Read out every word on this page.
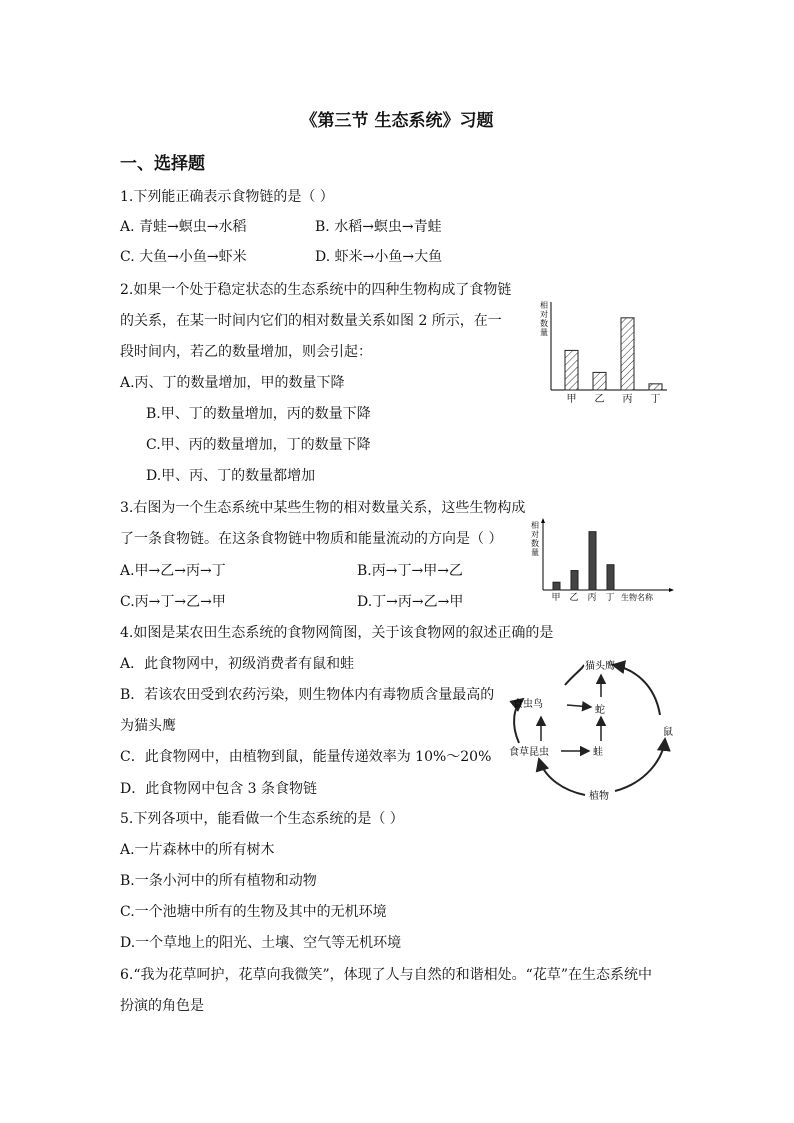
《第三节 生态系统》习题
一、选择题
1.下列能正确表示食物链的是（ ）
A. 青蛙→螟虫→水稻	B. 水稻→螟虫→青蛙
C. 大鱼→小鱼→虾米	D. 虾米→小鱼→大鱼
2.如果一个处于稳定状态的生态系统中的四种生物构成了食物链
的关系，在某一时间内它们的相对数量关系如图 2 所示，在一
段时间内，若乙的数量增加，则会引起：
A.丙、丁的数量增加，甲的数量下降
B.甲、丁的数量增加，丙的数量下降
C.甲、丙的数量增加，丁的数量下降
D.甲、丙、丁的数量都增加
相
对
数
量
甲 乙 丙 丁
3.右图为一个生态系统中某些生物的相对数量关系，这些生物构成
了一条食物链。在这条食物链中物质和能量流动的方向是（ ）
A.甲→乙→丙→丁	B.丙→丁→甲→乙
C.丙→丁→乙→甲	D.丁→丙→乙→甲
相
对
数
量
甲 乙 丙 丁 生物名称
4.如图是某农田生态系统的食物网简图，关于该食物网的叙述正确的是
A．此食物网中，初级消费者有鼠和蛙
B．若该农田受到农药污染，则生物体内有毒物质含量最高的
为猫头鹰
C．此食物网中，由植物到鼠，能量传递效率为 10%～20%
D．此食物网中包含 3 条食物链
猫头鹰
食虫鸟
蛇
食草昆虫	蛙
植物
鼠
5.下列各项中，能看做一个生态系统的是（ ）
A.一片森林中的所有树木
B.一条小河中的所有植物和动物
C.一个池塘中所有的生物及其中的无机环境
D.一个草地上的阳光、土壤、空气等无机环境
6.“我为花草呵护，花草向我微笑”，体现了人与自然的和谐相处。“花草”在生态系统中
扮演的角色是
